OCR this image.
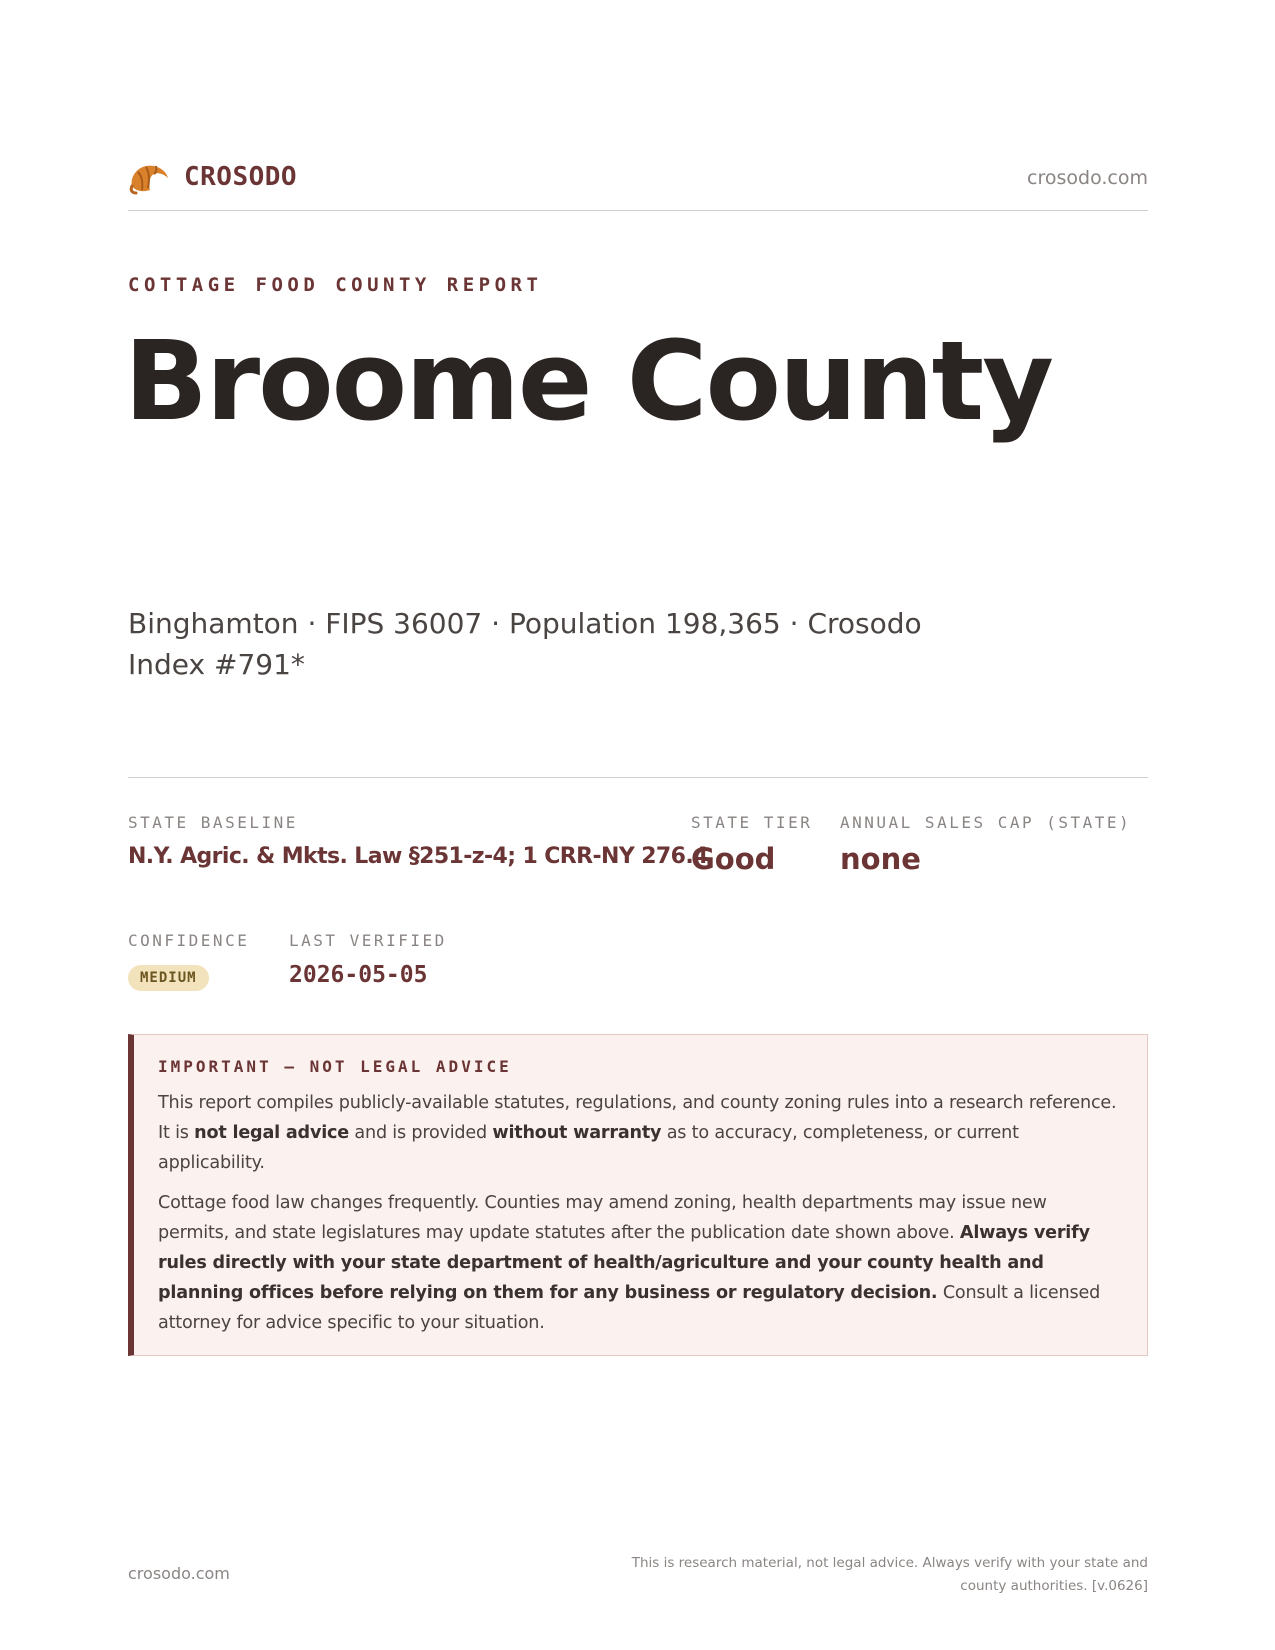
CROSODO	crosodo.com
COTTAGE FOOD COUNTY REPORT
Broome County
Binghamton · FIPS 36007 · Population 198,365 · Crosodo Index #791*
STATE BASELINE
N.Y. Agric. & Mkts. Law §251-z-4; 1 CRR-NY 276.4
STATE TIER
Good
ANNUAL SALES CAP (STATE)
none
CONFIDENCE
MEDIUM
LAST VERIFIED
2026-05-05
IMPORTANT — NOT LEGAL ADVICE

This report compiles publicly-available statutes, regulations, and county zoning rules into a research reference. It is not legal advice and is provided without warranty as to accuracy, completeness, or current applicability.

Cottage food law changes frequently. Counties may amend zoning, health departments may issue new permits, and state legislatures may update statutes after the publication date shown above. Always verify rules directly with your state department of health/agriculture and your county health and planning offices before relying on them for any business or regulatory decision. Consult a licensed attorney for advice specific to your situation.

crosodo.com
This is research material, not legal advice. Always verify with your state and county authorities. [v.0626]
